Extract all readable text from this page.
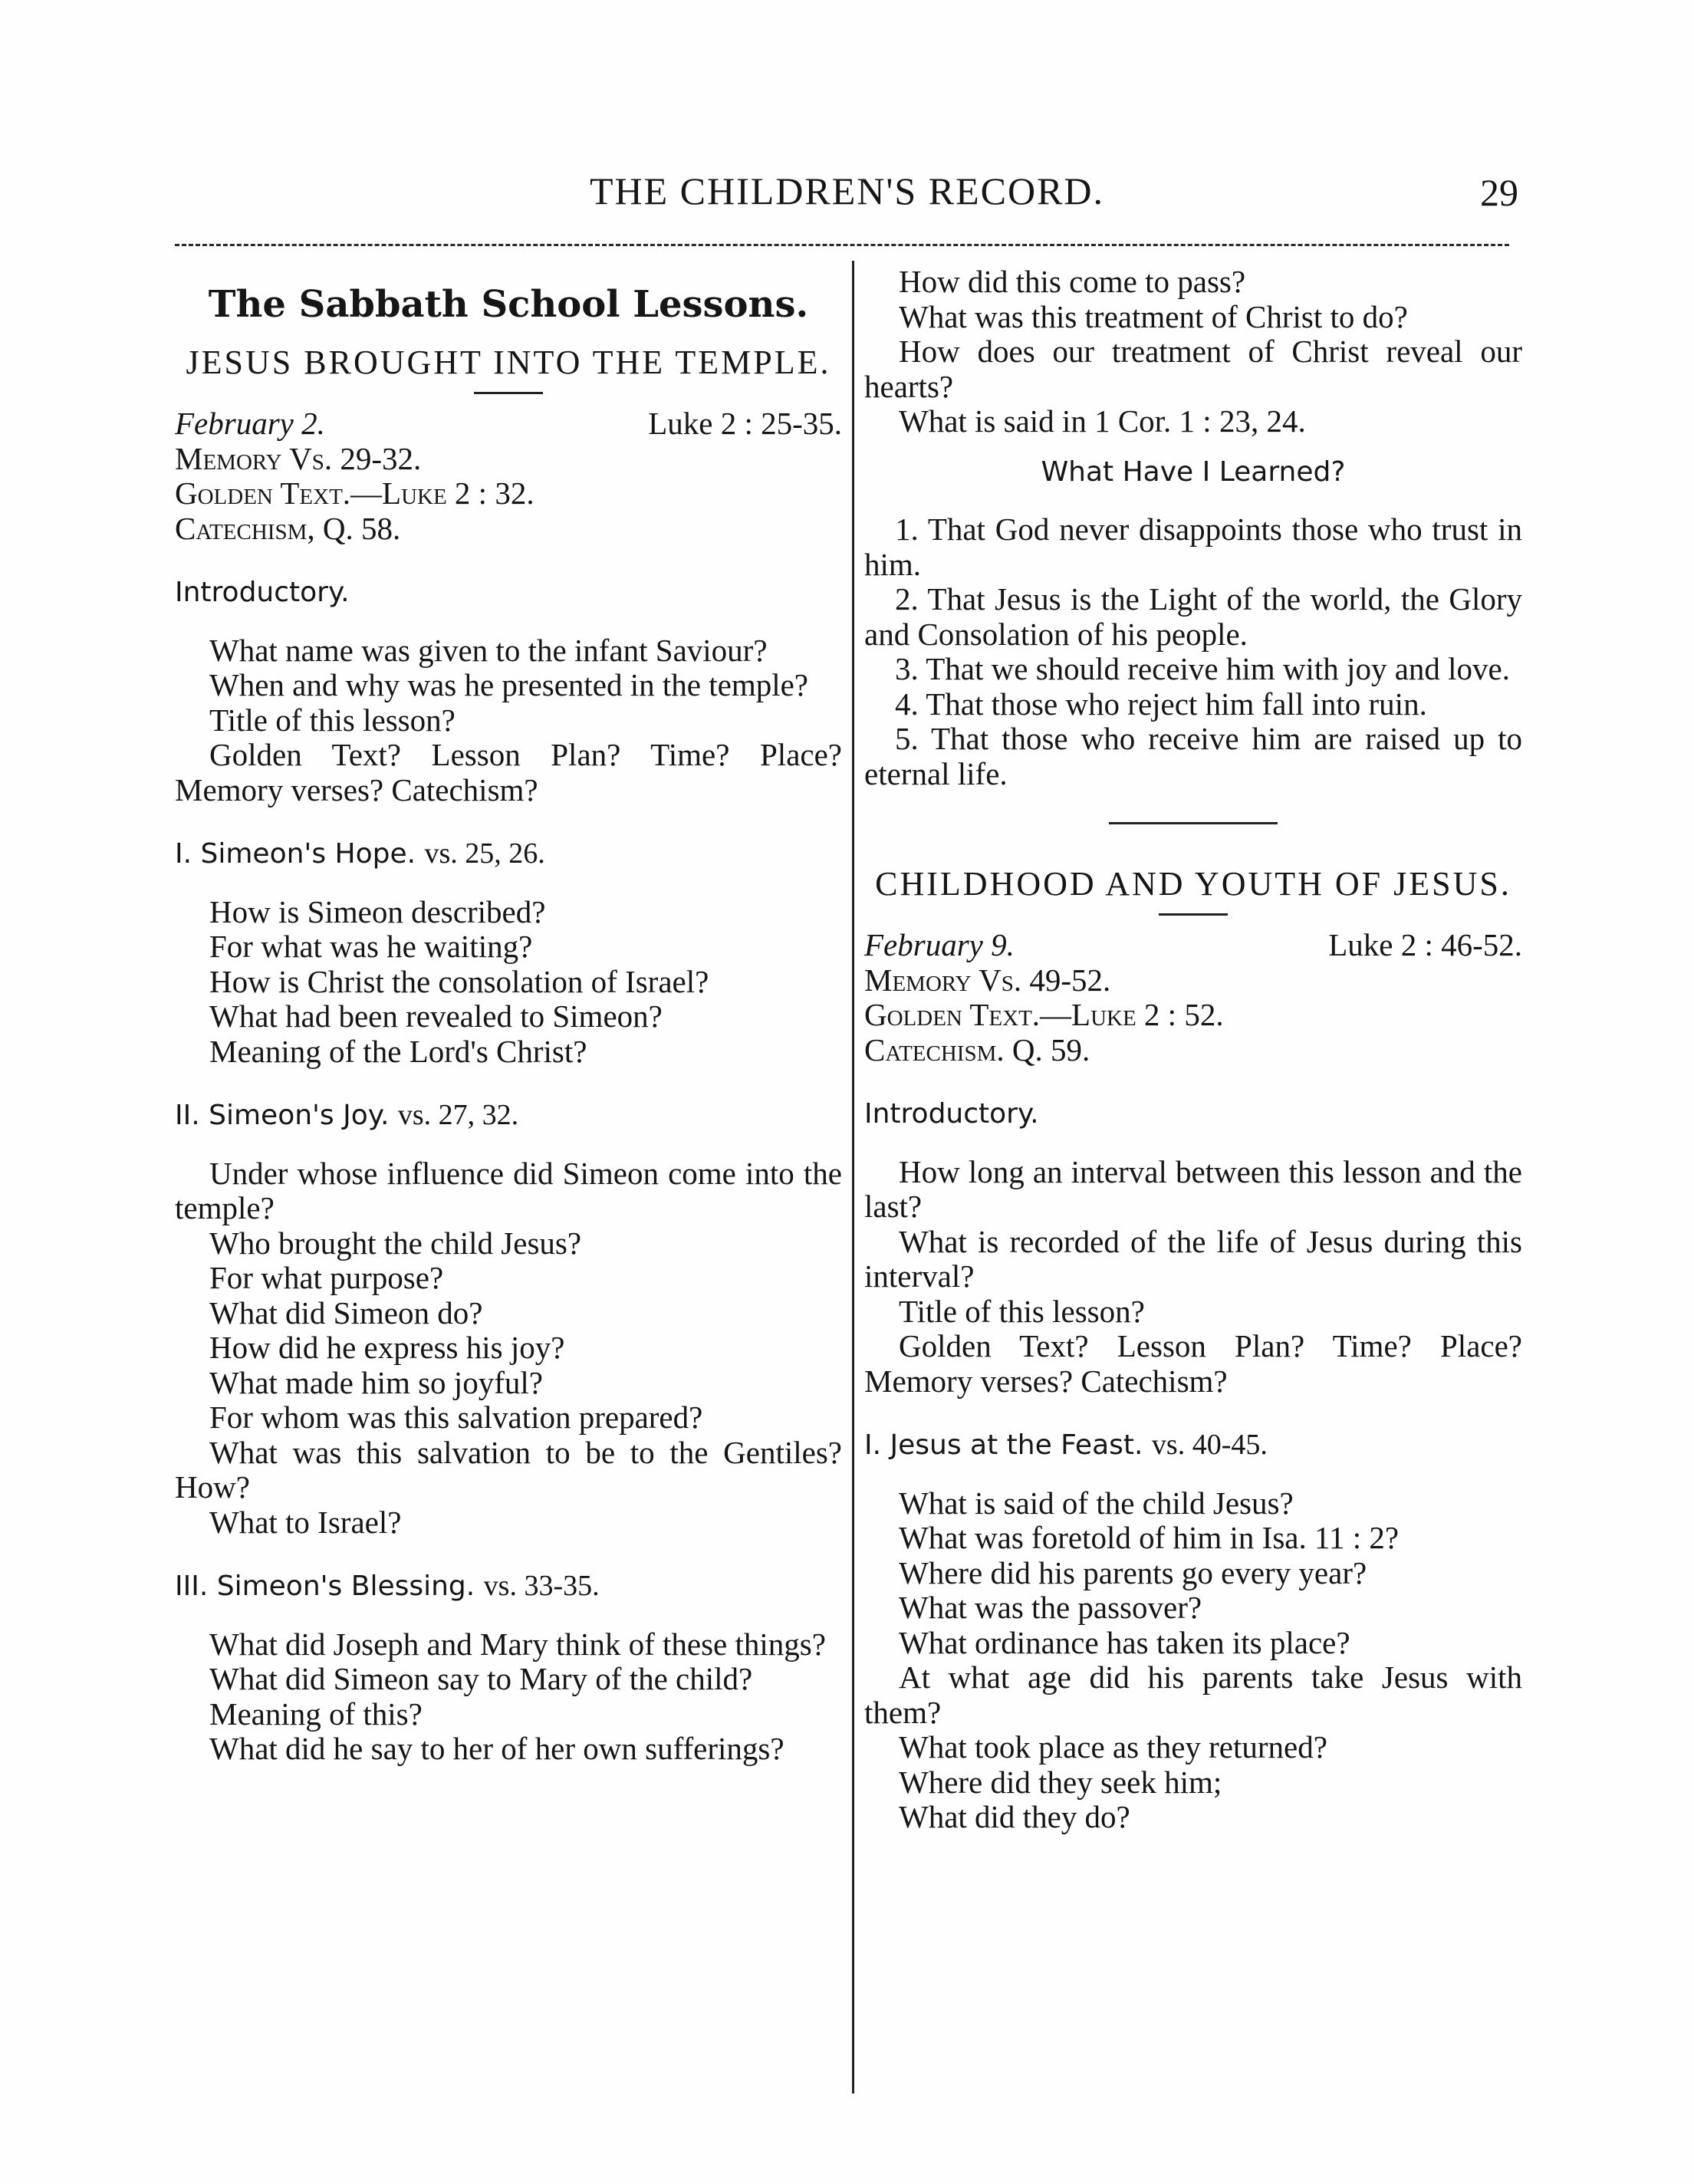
THE CHILDREN'S RECORD.	29
The Sabbath School Lessons.
JESUS BROUGHT INTO THE TEMPLE.
February 2.	Luke 2 : 25-35.

Memory Vs. 29-32.

Golden Text.—Luke 2 : 32.

Catechism, Q. 58.

Introductory.

What name was given to the infant Saviour?

When and why was he presented in the temple?

Title of this lesson?

Golden Text? Lesson Plan? Time? Place? Memory verses? Catechism?

I. Simeon's Hope. vs. 25, 26.

How is Simeon described?

For what was he waiting?

How is Christ the consolation of Israel?

What had been revealed to Simeon?

Meaning of the Lord's Christ?

II. Simeon's Joy. vs. 27, 32.

Under whose influence did Simeon come into the temple?

Who brought the child Jesus?

For what purpose?

What did Simeon do?

How did he express his joy?

What made him so joyful?

For whom was this salvation prepared?

What was this salvation to be to the Gentiles? How?

What to Israel?

III. Simeon's Blessing. vs. 33-35.

What did Joseph and Mary think of these things?

What did Simeon say to Mary of the child?

Meaning of this?

What did he say to her of her own sufferings?

How did this come to pass?

What was this treatment of Christ to do?

How does our treatment of Christ reveal our hearts?

What is said in 1 Cor. 1 : 23, 24.

What Have I Learned?

1. That God never disappoints those who trust in him.

2. That Jesus is the Light of the world, the Glory and Consolation of his people.

3. That we should receive him with joy and love.

4. That those who reject him fall into ruin.

5. That those who receive him are raised up to eternal life.

CHILDHOOD AND YOUTH OF JESUS.
February 9.	Luke 2 : 46-52.

Memory Vs. 49-52.

Golden Text.—Luke 2 : 52.

Catechism. Q. 59.

Introductory.

How long an interval between this lesson and the last?

What is recorded of the life of Jesus during this interval?

Title of this lesson?

Golden Text? Lesson Plan? Time? Place? Memory verses? Catechism?

I. Jesus at the Feast. vs. 40-45.

What is said of the child Jesus?

What was foretold of him in Isa. 11 : 2?

Where did his parents go every year?

What was the passover?

What ordinance has taken its place?

At what age did his parents take Jesus with them?

What took place as they returned?

Where did they seek him;

What did they do?
